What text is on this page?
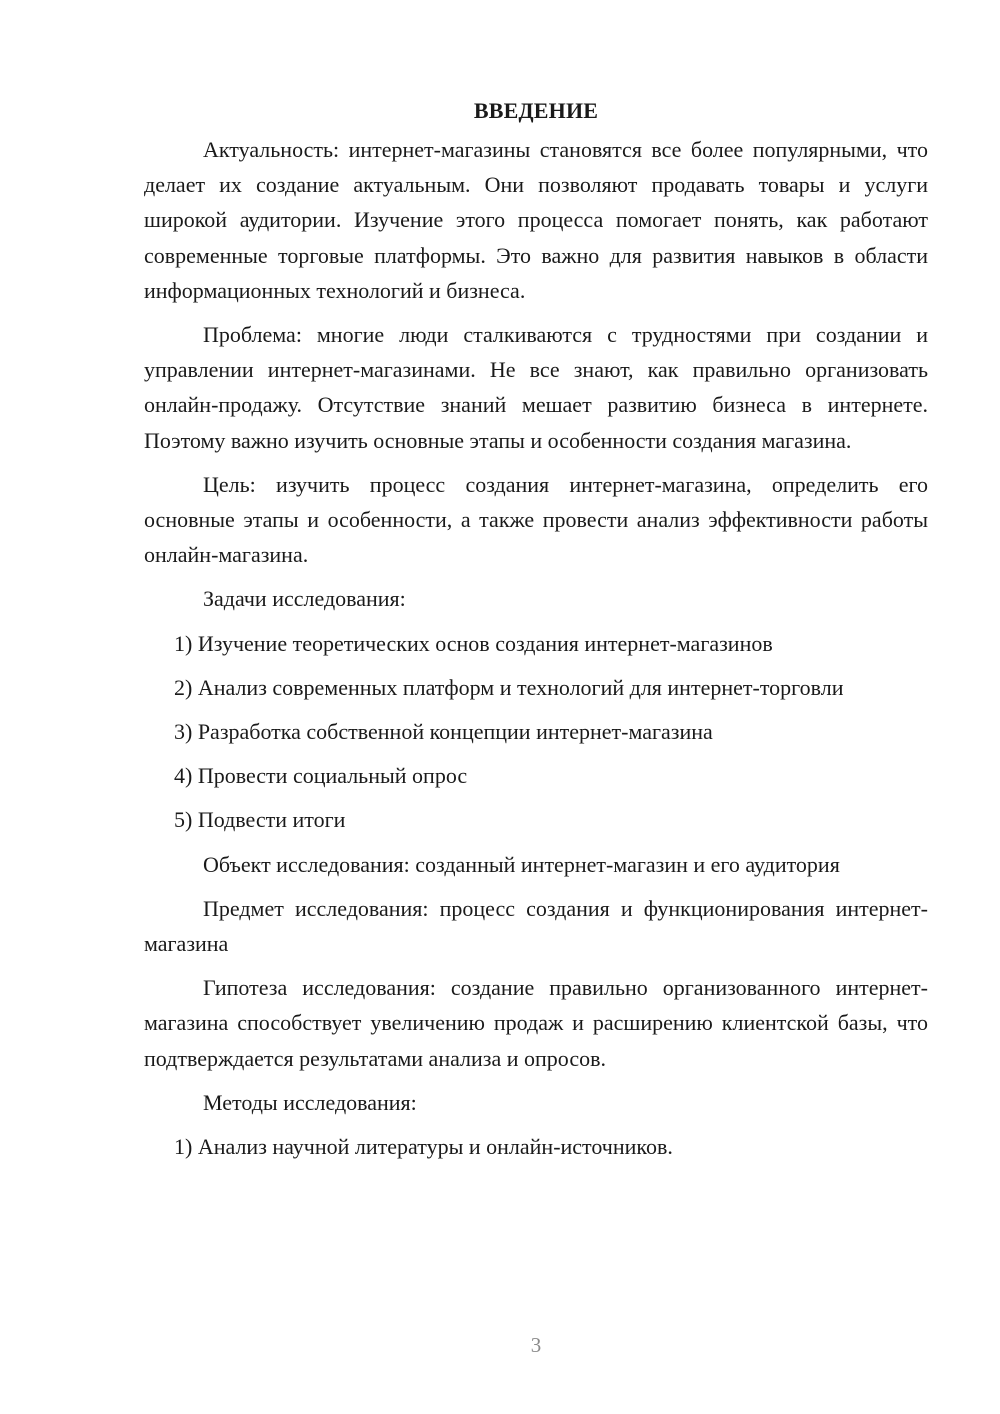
ВВЕДЕНИЕ

Актуальность: интернет-магазины становятся все более популярными, что делает их создание актуальным. Они позволяют продавать товары и услуги широкой аудитории. Изучение этого процесса помогает понять, как работают современные торговые платформы. Это важно для развития навыков в области информационных технологий и бизнеса.

Проблема: многие люди сталкиваются с трудностями при создании и управлении интернет-магазинами. Не все знают, как правильно организовать онлайн-продажу. Отсутствие знаний мешает развитию бизнеса в интернете. Поэтому важно изучить основные этапы и особенности создания магазина.

Цель: изучить процесс создания интернет-магазина, определить его основные этапы и особенности, а также провести анализ эффективности работы онлайн-магазина.

Задачи исследования:

1) Изучение теоретических основ создания интернет-магазинов

2) Анализ современных платформ и технологий для интернет-торговли

3) Разработка собственной концепции интернет-магазина

4) Провести социальный опрос

5) Подвести итоги

Объект исследования: созданный интернет-магазин и его аудитория

Предмет исследования: процесс создания и функционирования интернет-магазина

Гипотеза исследования: создание правильно организованного интернет-магазина способствует увеличению продаж и расширению клиентской базы, что подтверждается результатами анализа и опросов.

Методы исследования:

1) Анализ научной литературы и онлайн-источников.

3
